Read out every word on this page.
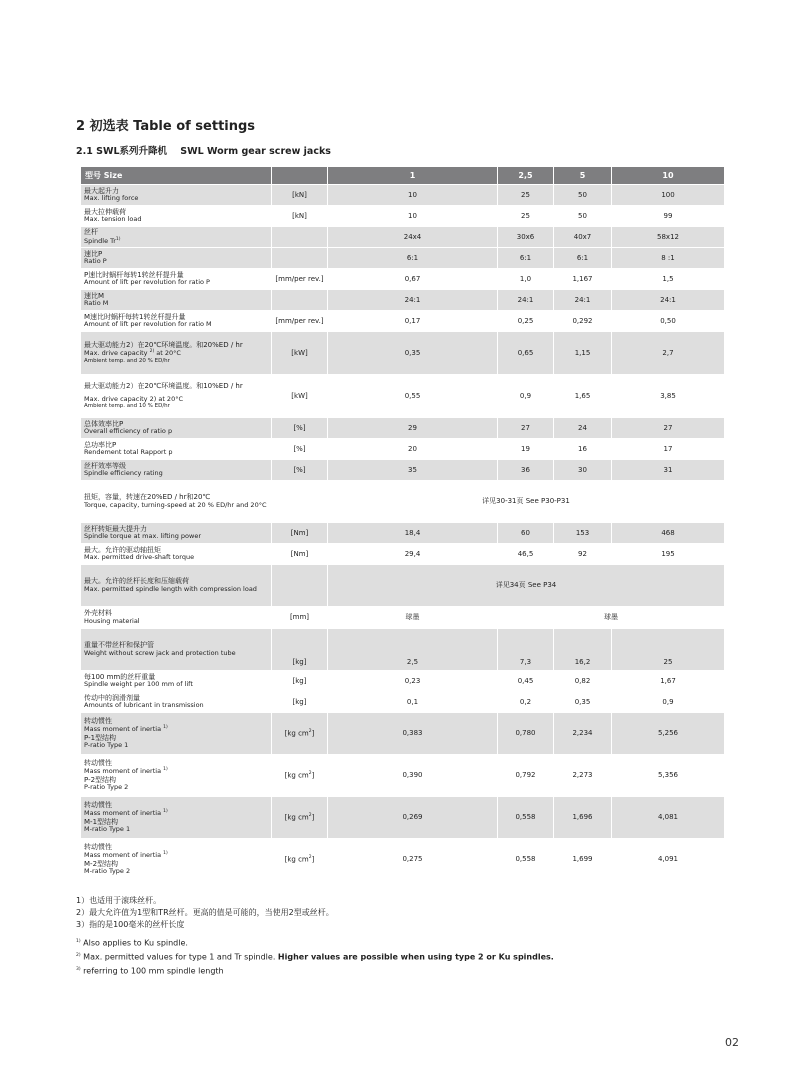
2 初选表 Table of settings
2.1 SWL系列升降机 SWL Worm gear screw jacks
型号 Size		1	2,5	5	10

最大起升力
Max. lifting force	[kN]	10	25	50	100

最大拉伸载荷
Max. tension load	[kN]	10	25	50	99

丝杆
Spindle Tr$^{1)}$		24x4	30x6	40x7	58x12

速比P
Ratio P		6:1	6:1	6:1	8 :1

P速比时蜗杆每转1转丝杆提升量
Amount of lift per revolution for ratio P	[mm/per rev.]	0,67	1,0	1,167	1,5

速比M
Ratio M		24:1	24:1	24:1	24:1

M速比时蜗杆每转1转丝杆提升量
Amount of lift per revolution for ratio M	[mm/per rev.]	0,17	0,25	0,292	0,50

最大驱动能力2）在20℃环境温度。和20%ED / hr
Max. drive capacity $^{2)}$ at 20°C
Ambient temp. and 20 % ED/hr	[kW]	0,35	0,65	1,15	2,7

最大驱动能力2）在20℃环境温度。和10%ED / hr
Max. drive capacity 2) at 20°C
Ambient temp. and 10 % ED/hr	[kW]	0,55	0,9	1,65	3,85

总体效率比P
Overall efficiency of ratio p	[%]	29	27	24	27

总功率比P
Rendement total Rapport p	[%]	20	19	16	17

丝杆效率等级
Spindle efficiency rating	[%]	35	36	30	31

扭矩，容量，转速在20%ED / hr和20℃
Torque, capacity, turning-speed at 20 % ED/hr and 20°C		详见30-31页 See P30-P31			

丝杆转矩最大提升力
Spindle torque at max. lifting power	[Nm]	18,4	60	153	468

最大。允许的驱动轴扭矩
Max. permitted drive-shaft torque	[Nm]	29,4	46,5	92	195

最大。允许的丝杆长度和压缩载荷
Max. permitted spindle length with compression load		详见34页 See P34			

外壳材料
Housing material	[mm]	球墨	球墨		

重量不带丝杆和保护管
Weight without screw jack and protection tube	[kg]	2,5	7,3	16,2	25

每100 mm的丝杆重量
Spindle weight per 100 mm of lift	[kg]	0,23	0,45	0,82	1,67

传动中的润滑剂量
Amounts of lubricant in transmission	[kg]	0,1	0,2	0,35	0,9

转动惯性
Mass moment of inertia $^{1)}$
P-1型结构
P-ratio Type 1	[kg $cm^2$]	0,383	0,780	2,234	5,256

转动惯性
Mass moment of inertia $^{1)}$
P-2型结构
P-ratio Type 2	[kg $cm^2$]	0,390	0,792	2,273	5,356

转动惯性
Mass moment of inertia $^{1)}$
M-1型结构
M-ratio Type 1	[kg $cm^2$]	0,269	0,558	1,696	4,081

转动惯性
Mass moment of inertia $^{1)}$
M-2型结构
M-ratio Type 2	[kg $cm^2$]	0,275	0,558	1,699	4,091
1）也适用于滚珠丝杆。
2）最大允许值为1型和TR丝杆。更高的值是可能的，当使用2型或丝杆。
3）指的是100毫米的丝杆长度
$^{1)}$ Also applies to Ku spindle.
$^{2)}$ Max. permitted values for type 1 and Tr spindle. Higher values are possible when using type 2 or Ku spindles.
$^{3)}$ referring to 100 mm spindle length
02
